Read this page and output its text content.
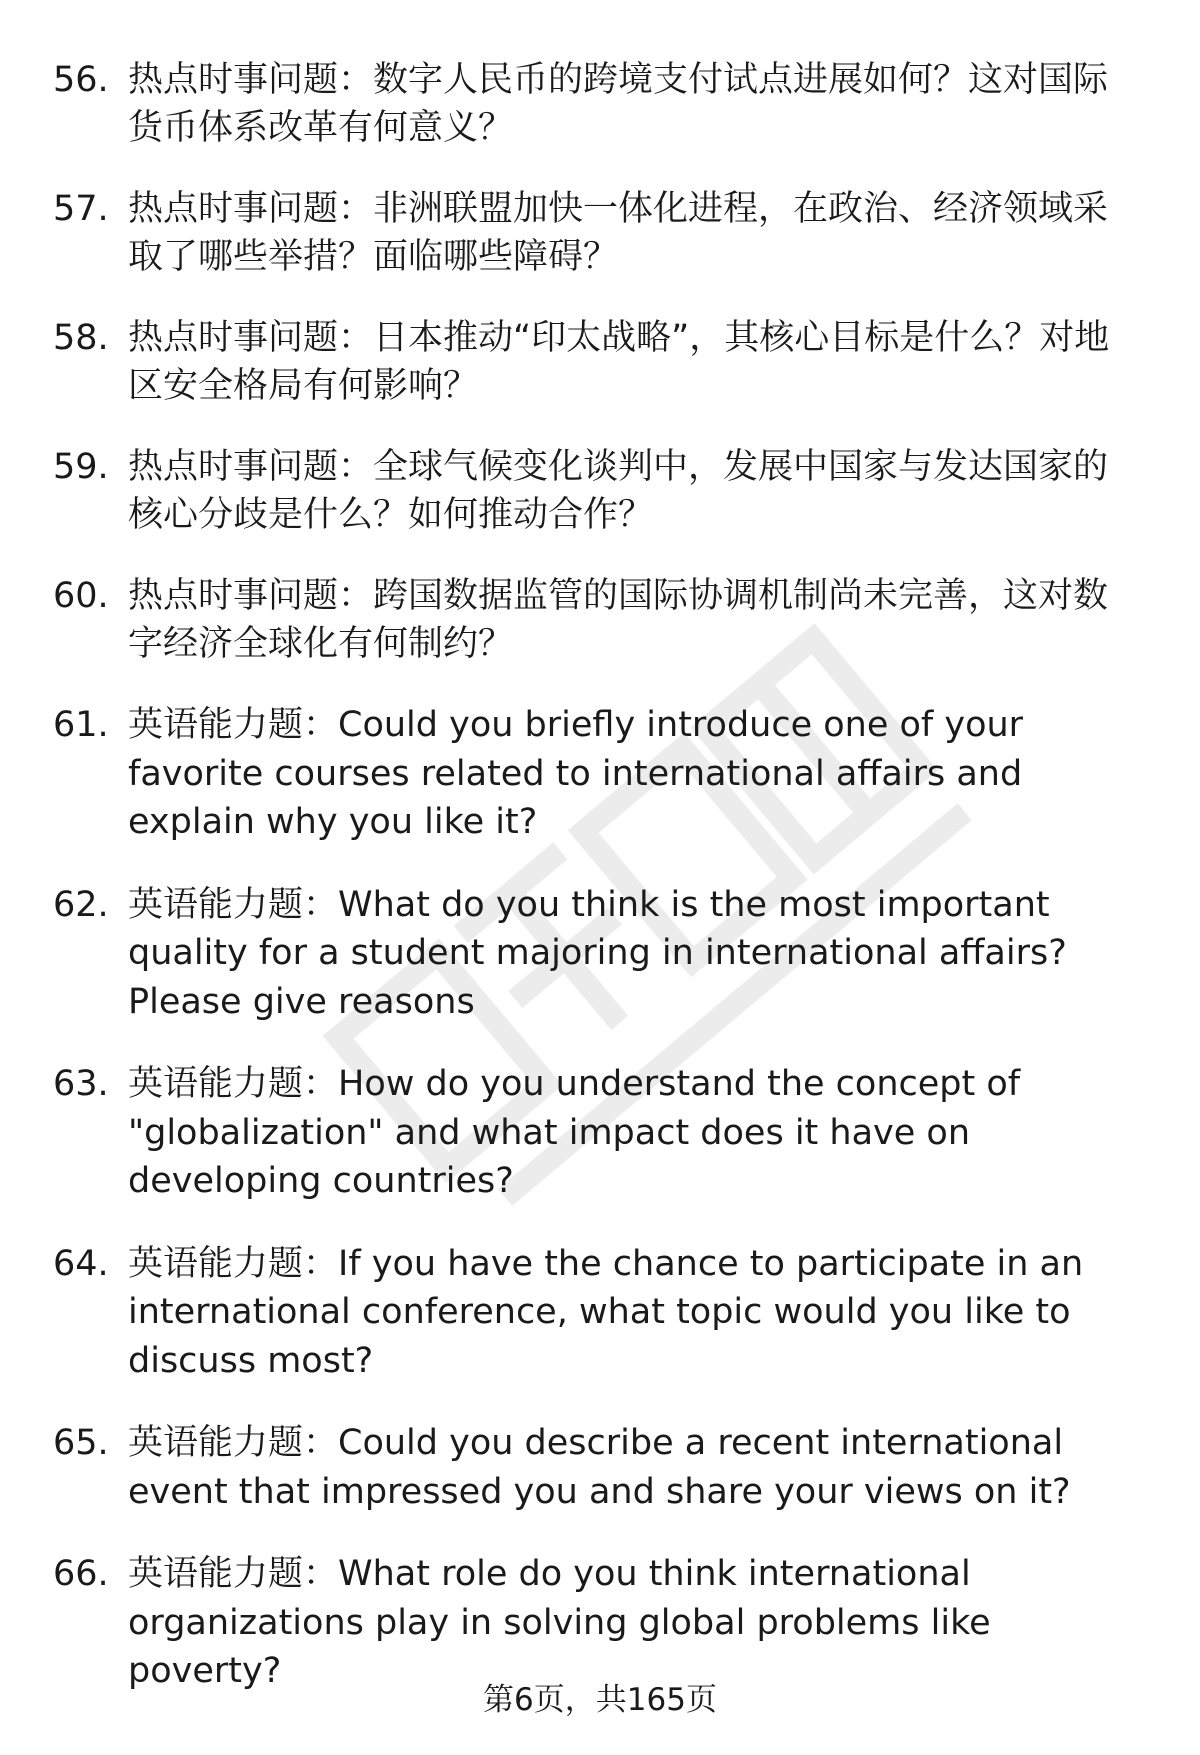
56. 热点时事问题：数字人民币的跨境支付试点进展如何？这对国际货币体系改革有何意义？
57. 热点时事问题：非洲联盟加快一体化进程，在政治、经济领域采取了哪些举措？面临哪些障碍？
58. 热点时事问题：日本推动“印太战略”，其核心目标是什么？对地区安全格局有何影响？
59. 热点时事问题：全球气候变化谈判中，发展中国家与发达国家的核心分歧是什么？如何推动合作？
60. 热点时事问题：跨国数据监管的国际协调机制尚未完善，这对数字经济全球化有何制约？
61. 英语能力题：Could you briefly introduce one of your favorite courses related to international affairs and explain why you like it?
62. 英语能力题：What do you think is the most important quality for a student majoring in international affairs? Please give reasons
63. 英语能力题：How do you understand the concept of "globalization" and what impact does it have on developing countries?
64. 英语能力题：If you have the chance to participate in an international conference, what topic would you like to discuss most?
65. 英语能力题：Could you describe a recent international event that impressed you and share your views on it?
66. 英语能力题：What role do you think international organizations play in solving global problems like poverty?
第6页，共165页
